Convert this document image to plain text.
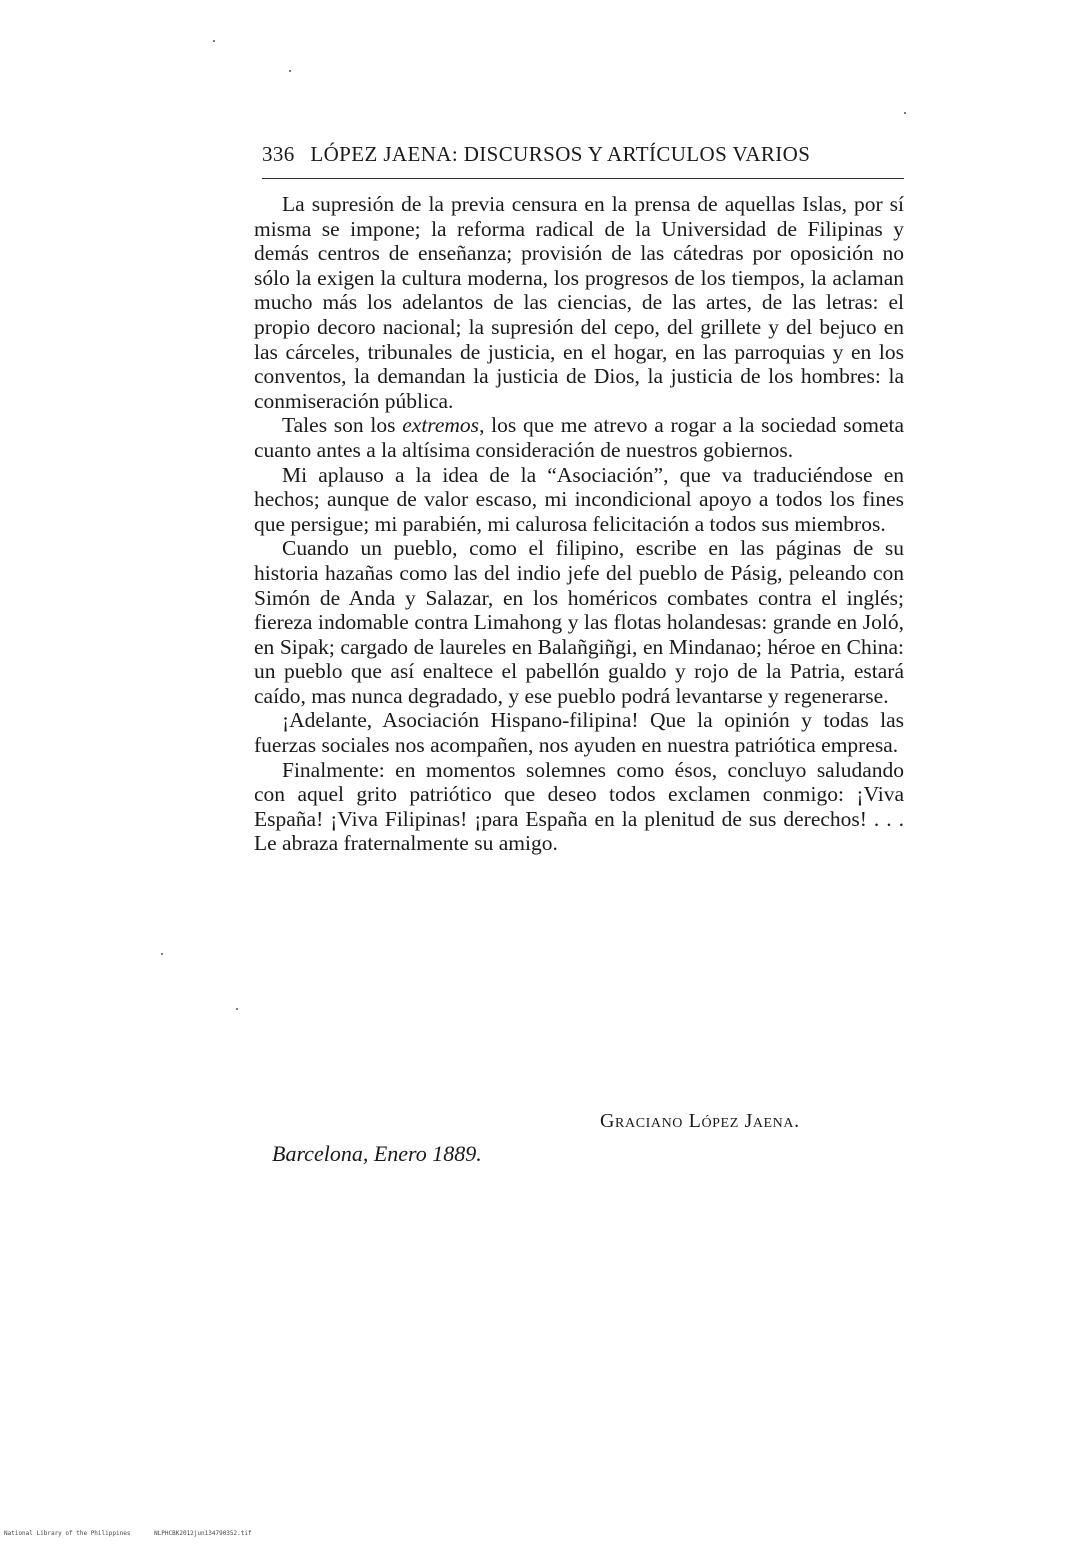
336 LÓPEZ JAENA: DISCURSOS Y ARTÍCULOS VARIOS

La supresión de la previa censura en la prensa de aquellas Islas, por sí misma se impone; la reforma radical de la Universidad de Filipinas y demás centros de enseñanza; provisión de las cátedras por oposición no sólo la exigen la cultura moderna, los progresos de los tiempos, la aclaman mucho más los adelantos de las ciencias, de las artes, de las letras: el propio decoro nacional; la supresión del cepo, del grillete y del bejuco en las cárceles, tribunales de justicia, en el hogar, en las parroquias y en los conventos, la demandan la justicia de Dios, la justicia de los hombres: la conmiseración pública.

Tales son los extremos, los que me atrevo a rogar a la sociedad someta cuanto antes a la altísima consideración de nuestros gobiernos.

Mi aplauso a la idea de la “Asociación”, que va traduciéndose en hechos; aunque de valor escaso, mi incondicional apoyo a todos los fines que persigue; mi parabién, mi calurosa felicitación a todos sus miembros.

Cuando un pueblo, como el filipino, escribe en las páginas de su historia hazañas como las del indio jefe del pueblo de Pásig, peleando con Simón de Anda y Salazar, en los homéricos combates contra el inglés; fiereza indomable contra Limahong y las flotas holandesas: grande en Joló, en Sipak; cargado de laureles en Balañgiñgi, en Mindanao; héroe en China: un pueblo que así enaltece el pabellón gualdo y rojo de la Patria, estará caído, mas nunca degradado, y ese pueblo podrá levantarse y regenerarse.

¡Adelante, Asociación Hispano-filipina! Que la opinión y todas las fuerzas sociales nos acompañen, nos ayuden en nuestra patriótica empresa.

Finalmente: en momentos solemnes como ésos, concluyo saludando con aquel grito patriótico que deseo todos exclamen conmigo: ¡Viva España! ¡Viva Filipinas! ¡para España en la plenitud de sus derechos! . . . Le abraza fraternalmente su amigo.

Graciano López Jaena.
Barcelona, Enero 1889.
National Library of the Philippines	NLPHCBK2012jun134790352.tif
